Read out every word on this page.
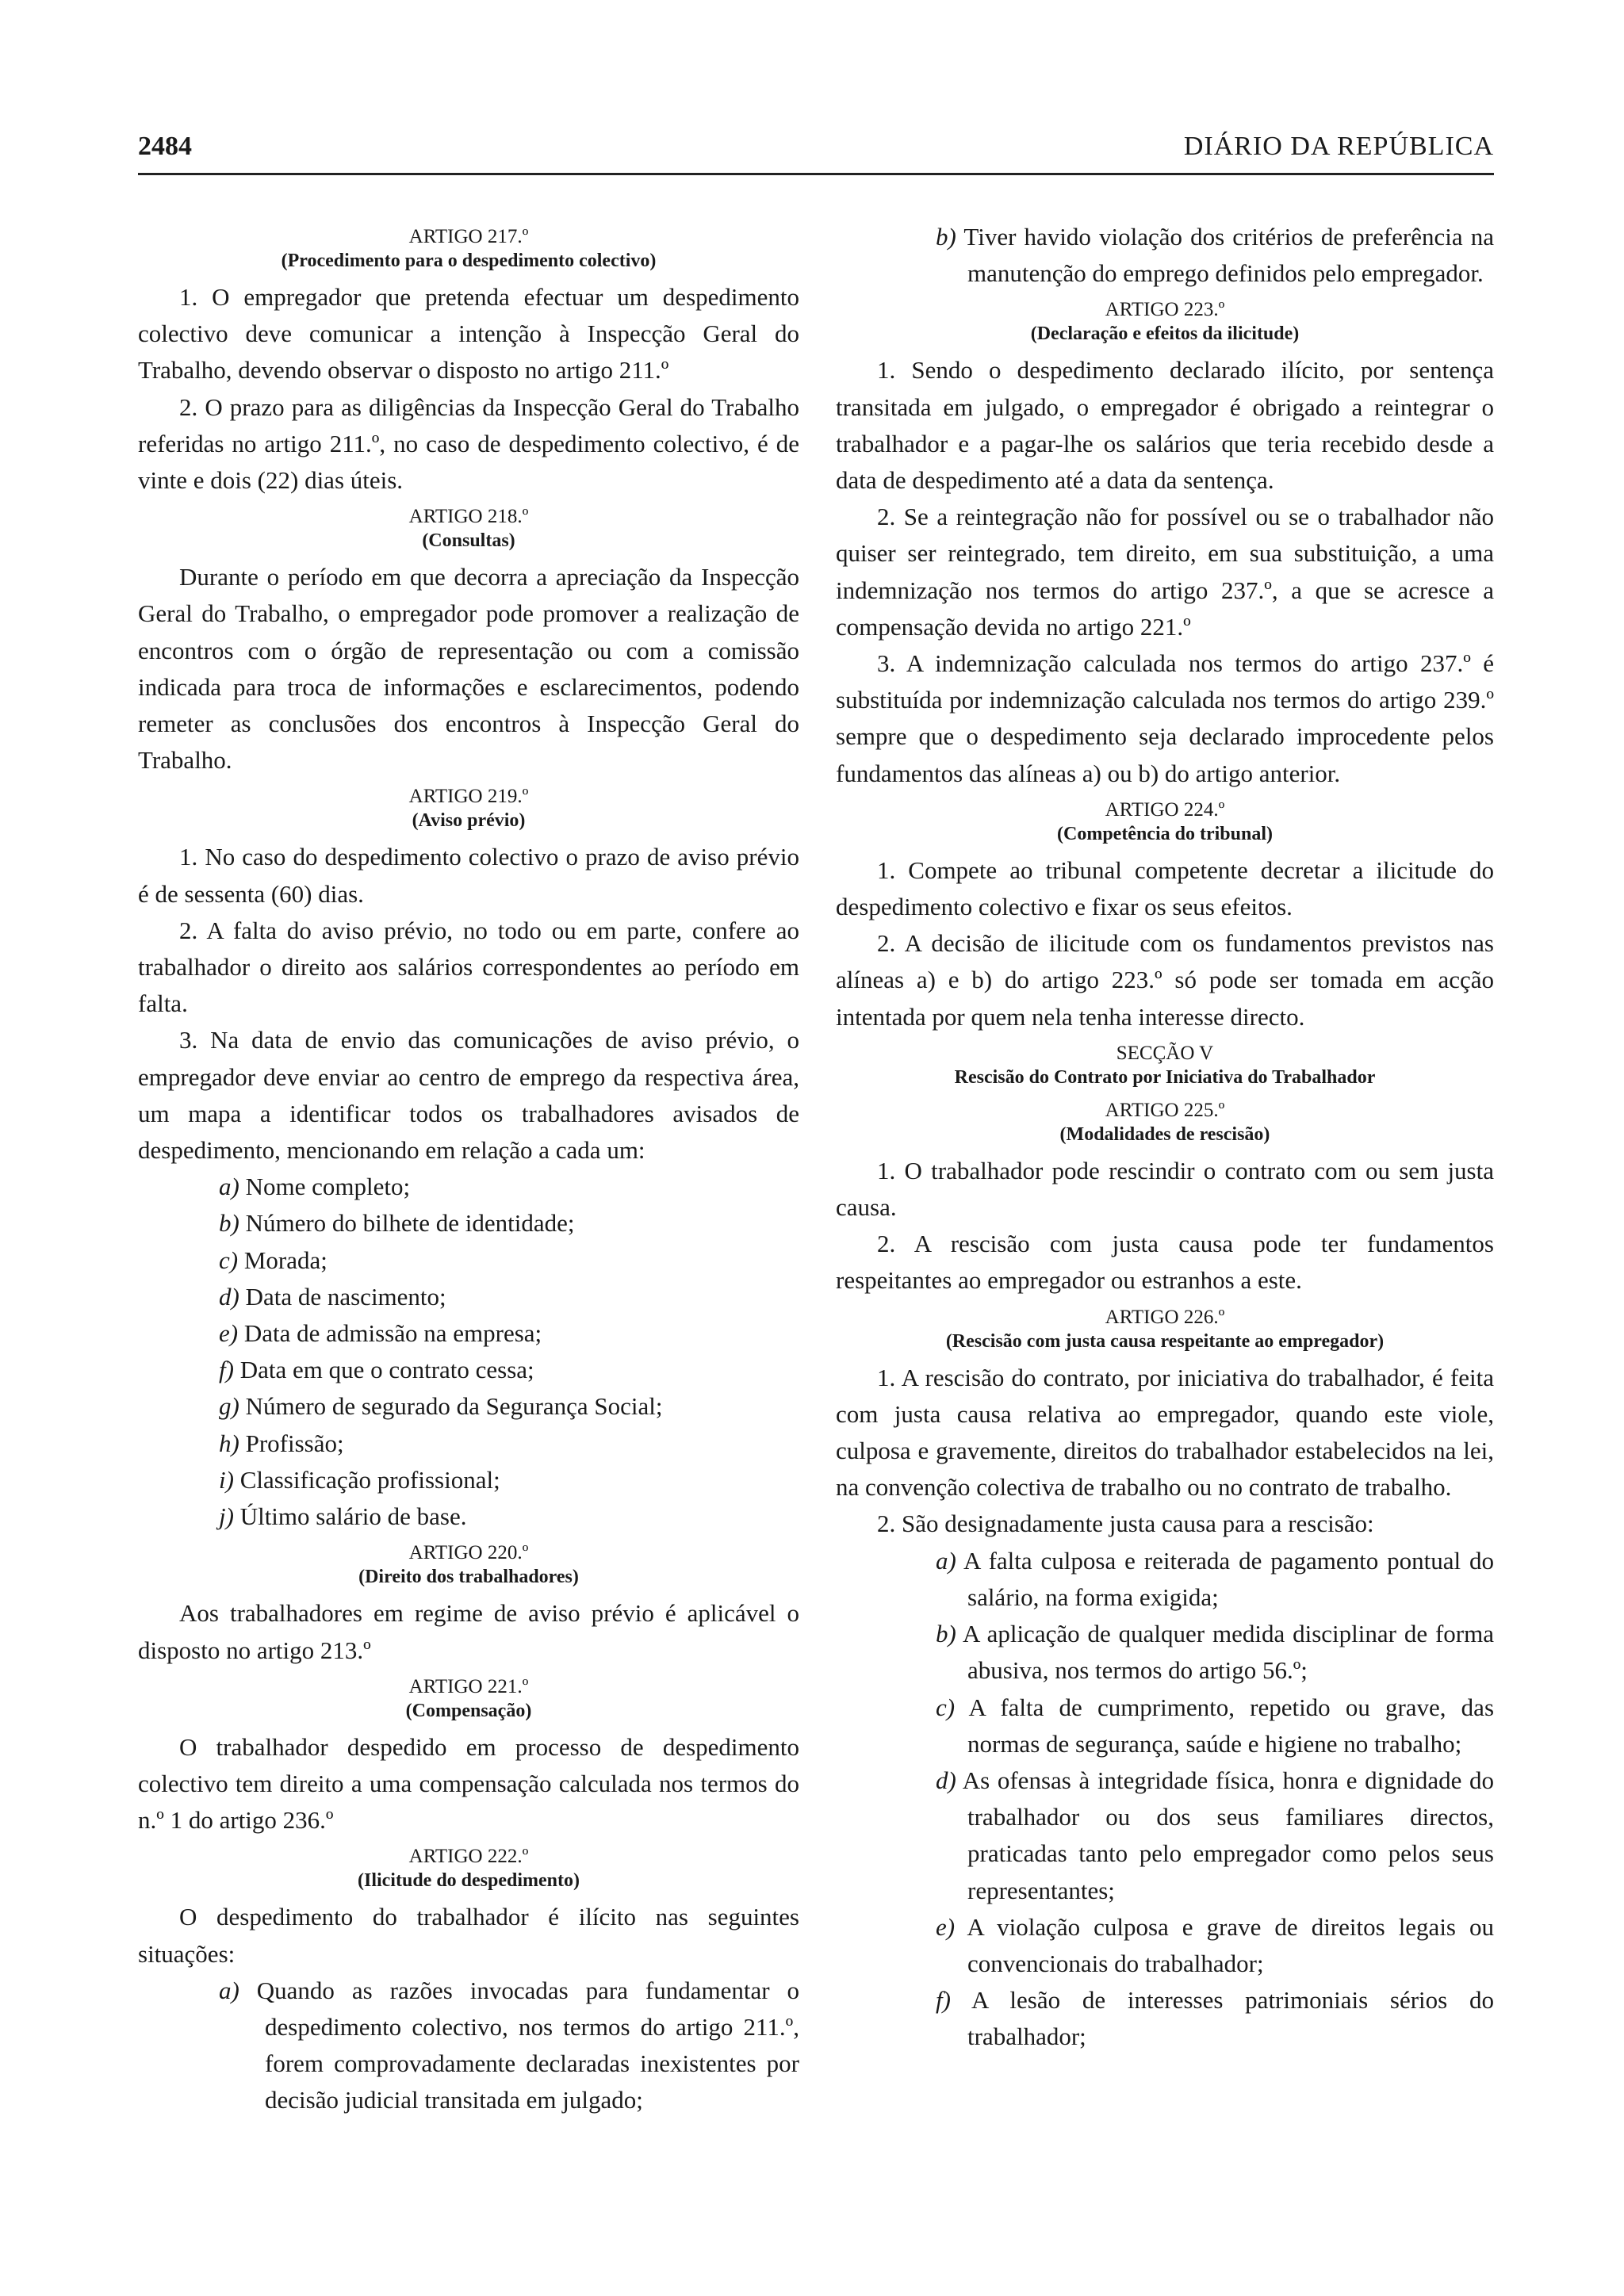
2484	DIÁRIO DA REPÚBLICA
ARTIGO 217.º
(Procedimento para o despedimento colectivo)

1. O empregador que pretenda efectuar um despedimento colectivo deve comunicar a intenção à Inspecção Geral do Trabalho, devendo observar o disposto no artigo 211.º

2. O prazo para as diligências da Inspecção Geral do Trabalho referidas no artigo 211.º, no caso de despedimento colectivo, é de vinte e dois (22) dias úteis.

ARTIGO 218.º
(Consultas)

Durante o período em que decorra a apreciação da Inspecção Geral do Trabalho, o empregador pode promover a realização de encontros com o órgão de representação ou com a comissão indicada para troca de informações e esclarecimentos, podendo remeter as conclusões dos encontros à Inspecção Geral do Trabalho.

ARTIGO 219.º
(Aviso prévio)

1. No caso do despedimento colectivo o prazo de aviso prévio é de sessenta (60) dias.

2. A falta do aviso prévio, no todo ou em parte, confere ao trabalhador o direito aos salários correspondentes ao período em falta.

3. Na data de envio das comunicações de aviso prévio, o empregador deve enviar ao centro de emprego da respectiva área, um mapa a identificar todos os trabalhadores avisados de despedimento, mencionando em relação a cada um:

a) Nome completo;
b) Número do bilhete de identidade;
c) Morada;
d) Data de nascimento;
e) Data de admissão na empresa;
f) Data em que o contrato cessa;
g) Número de segurado da Segurança Social;
h) Profissão;
i) Classificação profissional;
j) Último salário de base.
ARTIGO 220.º
(Direito dos trabalhadores)

Aos trabalhadores em regime de aviso prévio é aplicável o disposto no artigo 213.º

ARTIGO 221.º
(Compensação)

O trabalhador despedido em processo de despedimento colectivo tem direito a uma compensação calculada nos termos do n.º 1 do artigo 236.º

ARTIGO 222.º
(Ilicitude do despedimento)

O despedimento do trabalhador é ilícito nas seguintes situações:

a) Quando as razões invocadas para fundamentar o despedimento colectivo, nos termos do artigo 211.º, forem comprovadamente declaradas inexistentes por decisão judicial transitada em julgado;
b) Tiver havido violação dos critérios de preferência na manutenção do emprego definidos pelo empregador.
ARTIGO 223.º
(Declaração e efeitos da ilicitude)

1. Sendo o despedimento declarado ilícito, por sentença transitada em julgado, o empregador é obrigado a reintegrar o trabalhador e a pagar-lhe os salários que teria recebido desde a data de despedimento até a data da sentença.

2. Se a reintegração não for possível ou se o trabalhador não quiser ser reintegrado, tem direito, em sua substituição, a uma indemnização nos termos do artigo 237.º, a que se acresce a compensação devida no artigo 221.º

3. A indemnização calculada nos termos do artigo 237.º é substituída por indemnização calculada nos termos do artigo 239.º sempre que o despedimento seja declarado improcedente pelos fundamentos das alíneas a) ou b) do artigo anterior.

ARTIGO 224.º
(Competência do tribunal)

1. Compete ao tribunal competente decretar a ilicitude do despedimento colectivo e fixar os seus efeitos.

2. A decisão de ilicitude com os fundamentos previstos nas alíneas a) e b) do artigo 223.º só pode ser tomada em acção intentada por quem nela tenha interesse directo.

SECÇÃO V
Rescisão do Contrato por Iniciativa do Trabalhador
ARTIGO 225.º
(Modalidades de rescisão)

1. O trabalhador pode rescindir o contrato com ou sem justa causa.

2. A rescisão com justa causa pode ter fundamentos respeitantes ao empregador ou estranhos a este.

ARTIGO 226.º
(Rescisão com justa causa respeitante ao empregador)

1. A rescisão do contrato, por iniciativa do trabalhador, é feita com justa causa relativa ao empregador, quando este viole, culposa e gravemente, direitos do trabalhador estabelecidos na lei, na convenção colectiva de trabalho ou no contrato de trabalho.

2. São designadamente justa causa para a rescisão:

a) A falta culposa e reiterada de pagamento pontual do salário, na forma exigida;
b) A aplicação de qualquer medida disciplinar de forma abusiva, nos termos do artigo 56.º;
c) A falta de cumprimento, repetido ou grave, das normas de segurança, saúde e higiene no trabalho;
d) As ofensas à integridade física, honra e dignidade do trabalhador ou dos seus familiares directos, praticadas tanto pelo empregador como pelos seus representantes;
e) A violação culposa e grave de direitos legais ou convencionais do trabalhador;
f) A lesão de interesses patrimoniais sérios do trabalhador;
